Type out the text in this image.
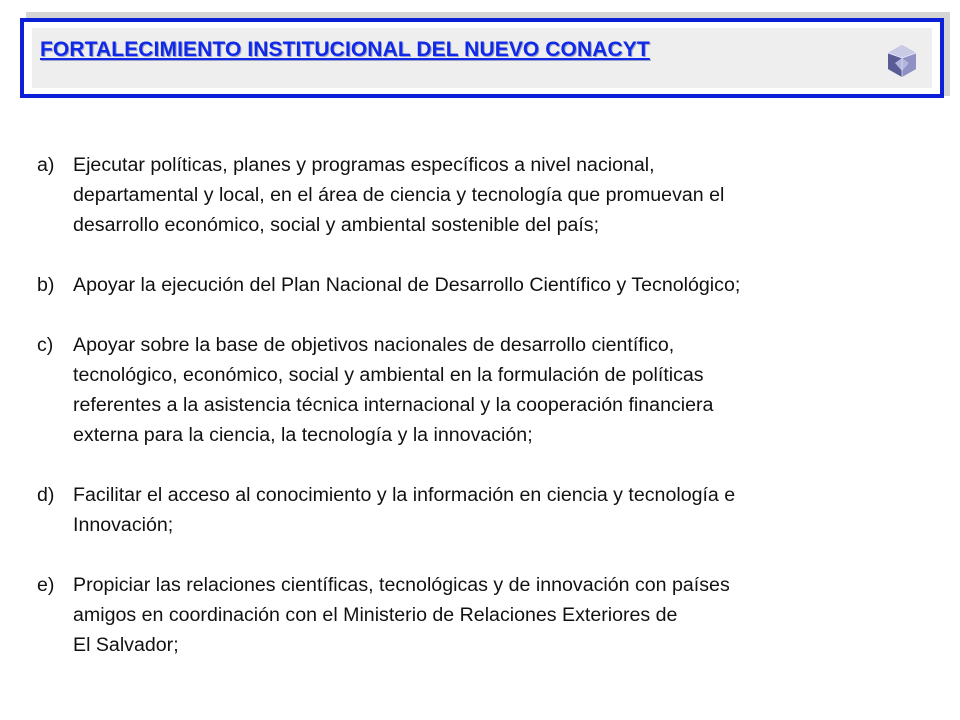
FORTALECIMIENTO INSTITUCIONAL DEL NUEVO CONACYT
a) Ejecutar políticas, planes y programas específicos a nivel nacional,
departamental y local, en el área de ciencia y tecnología que promuevan el
desarrollo económico, social y ambiental sostenible del país;
b) Apoyar la ejecución del Plan Nacional de Desarrollo Científico y Tecnológico;
c)	Apoyar sobre la base de objetivos nacionales de desarrollo científico,
tecnológico, económico, social y ambiental en la formulación de políticas
referentes a la asistencia técnica internacional y la cooperación financiera
externa para la ciencia, la tecnología y la innovación;
d) Facilitar el acceso al conocimiento y la información en ciencia y tecnología e
Innovación;
e) Propiciar las relaciones científicas, tecnológicas y de innovación con países
amigos en coordinación con el Ministerio de Relaciones Exteriores de
El Salvador;
